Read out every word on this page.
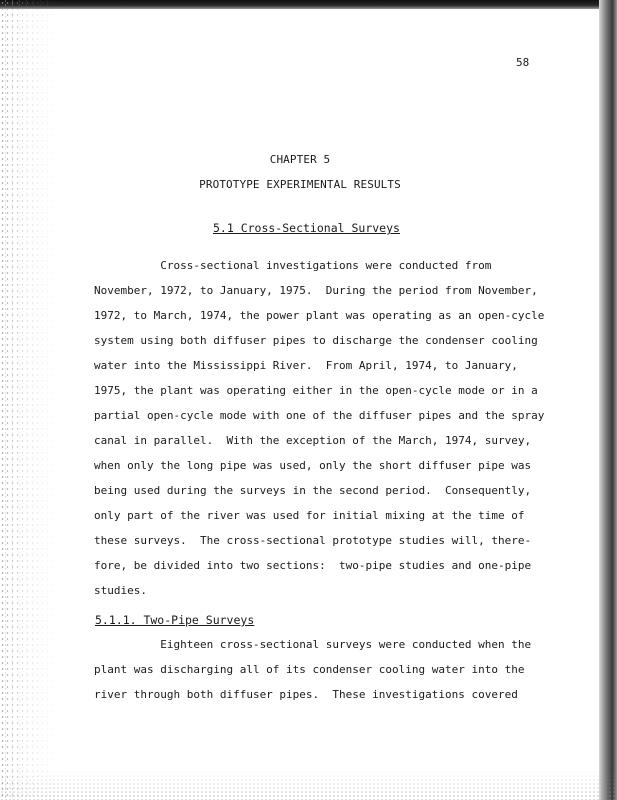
58
CHAPTER 5
PROTOTYPE EXPERIMENTAL RESULTS
5.1 Cross-Sectional Surveys
Cross-sectional investigations were conducted from
November, 1972, to January, 1975.  During the period from November,
1972, to March, 1974, the power plant was operating as an open-cycle
system using both diffuser pipes to discharge the condenser cooling
water into the Mississippi River.  From April, 1974, to January,
1975, the plant was operating either in the open-cycle mode or in a
partial open-cycle mode with one of the diffuser pipes and the spray
canal in parallel.  With the exception of the March, 1974, survey,
when only the long pipe was used, only the short diffuser pipe was
being used during the surveys in the second period.  Consequently,
only part of the river was used for initial mixing at the time of
these surveys.  The cross-sectional prototype studies will, there-
fore, be divided into two sections:  two-pipe studies and one-pipe
studies.
5.1.1. Two-Pipe Surveys
Eighteen cross-sectional surveys were conducted when the
plant was discharging all of its condenser cooling water into the
river through both diffuser pipes.  These investigations covered
